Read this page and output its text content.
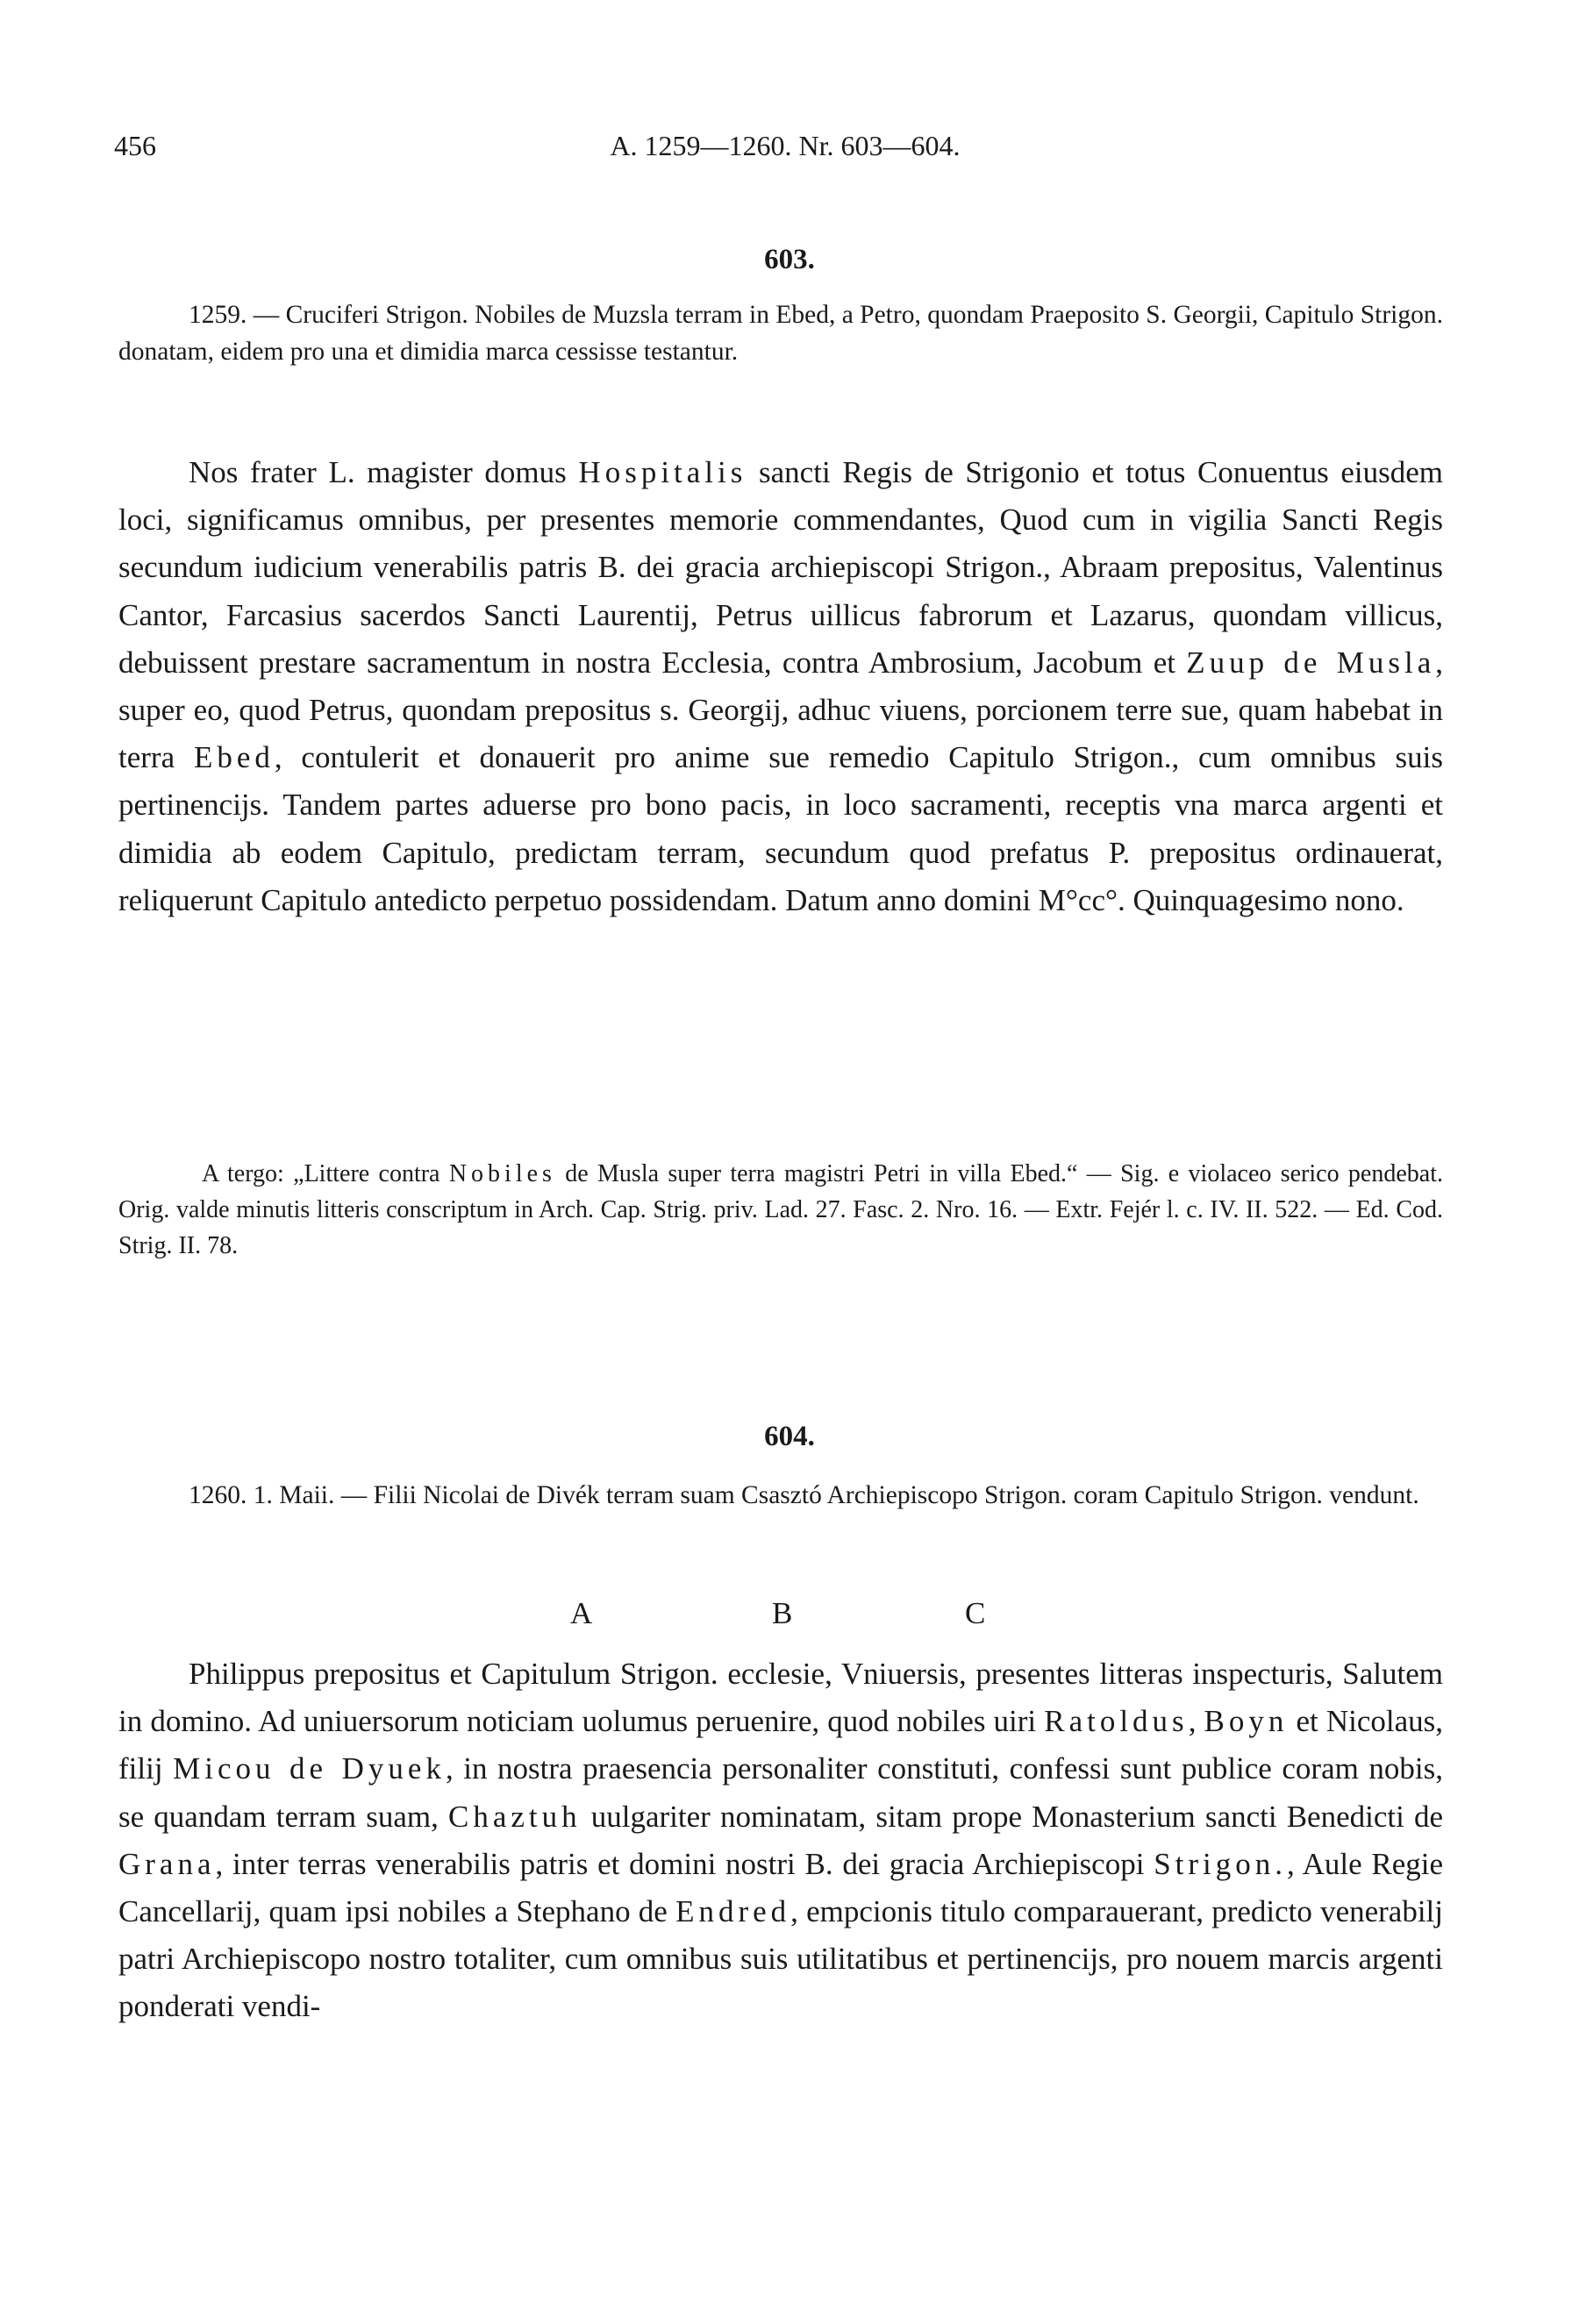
456	A. 1259—1260. Nr. 603—604.
603.

1259. — Cruciferi Strigon. Nobiles de Muzsla terram in Ebed, a Petro, quondam Praeposito S. Georgii, Capitulo Strigon. donatam, eidem pro una et dimidia marca cessisse testantur.

Nos frater L. magister domus Hospitalis sancti Regis de Strigonio et totus Conuentus eiusdem loci, significamus omnibus, per presentes memorie commendantes, Quod cum in vigilia Sancti Regis secundum iudicium venerabilis patris B. dei gracia archiepiscopi Strigon., Abraam prepositus, Valentinus Cantor, Farcasius sacerdos Sancti Laurentij, Petrus uillicus fabrorum et Lazarus, quondam villicus, debuissent prestare sacramentum in nostra Ecclesia, contra Ambrosium, Jacobum et Zuup de Musla, super eo, quod Petrus, quondam prepositus s. Georgij, adhuc viuens, porcionem terre sue, quam habebat in terra Ebed, contulerit et donauerit pro anime sue remedio Capitulo Strigon., cum omnibus suis pertinencijs. Tandem partes aduerse pro bono pacis, in loco sacramenti, receptis vna marca argenti et dimidia ab eodem Capitulo, predictam terram, secundum quod prefatus P. prepositus ordinauerat, reliquerunt Capitulo antedicto perpetuo possidendam. Datum anno domini M°cc°. Quinquagesimo nono.

A tergo: „Littere contra Nobiles de Musla super terra magistri Petri in villa Ebed.“ — Sig. e violaceo serico pendebat. Orig. valde minutis litteris conscriptum in Arch. Cap. Strig. priv. Lad. 27. Fasc. 2. Nro. 16. — Extr. Fejér l. c. IV. II. 522. — Ed. Cod. Strig. II. 78.

604.

1260. 1. Maii. — Filii Nicolai de Divék terram suam Csasztó Archiepiscopo Strigon. coram Capitulo Strigon. vendunt.

A	B	C

Philippus prepositus et Capitulum Strigon. ecclesie, Vniuersis, presentes litteras inspecturis, Salutem in domino. Ad uniuersorum noticiam uolumus peruenire, quod nobiles uiri Ratoldus, Boyn et Nicolaus, filij Micou de Dyuek, in nostra praesencia personaliter constituti, confessi sunt publice coram nobis, se quandam terram suam, Chaztuh uulgariter nominatam, sitam prope Monasterium sancti Benedicti de Grana, inter terras venerabilis patris et domini nostri B. dei gracia Archiepiscopi Strigon., Aule Regie Cancellarij, quam ipsi nobiles a Stephano de Endred, empcionis titulo comparauerant, predicto venerabilj patri Archiepiscopo nostro totaliter, cum omnibus suis utilitatibus et pertinencijs, pro nouem marcis argenti ponderati vendi-
